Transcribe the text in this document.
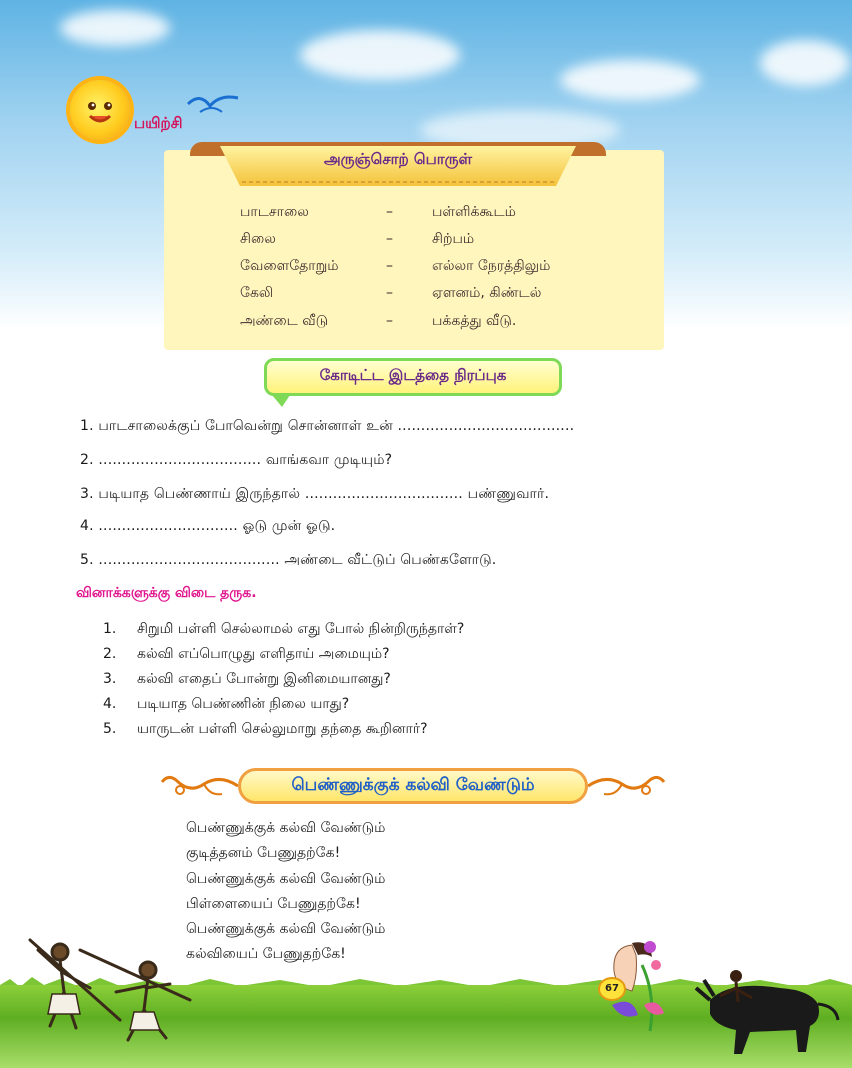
பயிற்சி
அருஞ்சொற் பொருள்
பாடசாலை	–	பள்ளிக்கூடம்
சிலை	–	சிற்பம்
வேளைதோறும்	–	எல்லா நேரத்திலும்
கேலி	–	ஏளனம், கிண்டல்
அண்டை வீடு	–	பக்கத்து வீடு.
கோடிட்ட இடத்தை நிரப்புக
1. பாடசாலைக்குப் போவென்று சொன்னாள் உன் ......................................
2. ................................... வாங்கவா முடியும்?
3. படியாத பெண்ணாய் இருந்தால் .................................. பண்ணுவார்.
4. .............................. ஓடு முன் ஓடு.
5. ....................................... அண்டை வீட்டுப் பெண்களோடு.
வினாக்களுக்கு விடை தருக.
1. சிறுமி பள்ளி செல்லாமல் எது போல் நின்றிருந்தாள்?
2. கல்வி எப்பொழுது எளிதாய் அமையும்?
3. கல்வி எதைப் போன்று இனிமையானது?
4. படியாத பெண்ணின் நிலை யாது?
5. யாருடன் பள்ளி செல்லுமாறு தந்தை கூறினார்?
பெண்ணுக்குக் கல்வி வேண்டும்
பெண்ணுக்குக் கல்வி வேண்டும்
குடித்தனம் பேணுதற்கே!
பெண்ணுக்குக் கல்வி வேண்டும்
பிள்ளையைப் பேணுதற்கே!
பெண்ணுக்குக் கல்வி வேண்டும்
கல்வியைப் பேணுதற்கே!
67
